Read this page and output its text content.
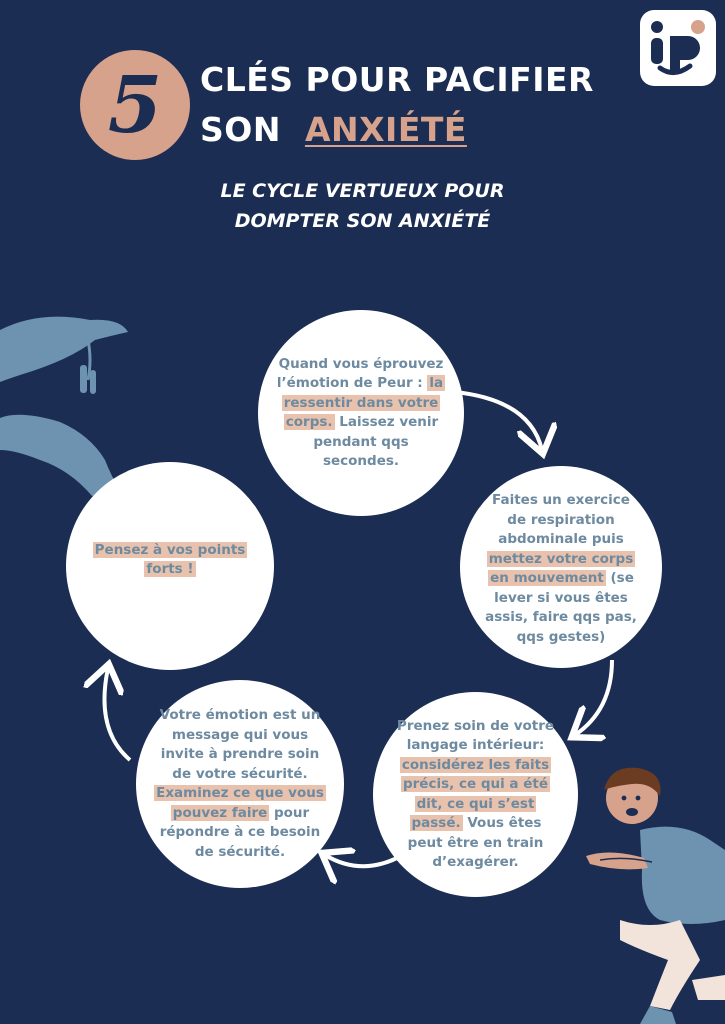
5 CLÉS POUR PACIFIER
SON ANXIÉTÉ
LE CYCLE VERTUEUX POUR
DOMPTER SON ANXIÉTÉ
Quand vous éprouvez l’émotion de Peur : la ressentir dans votre corps. Laissez venir pendant qqs secondes.
Faites un exercice de respiration abdominale puis mettez votre corps en mouvement (se lever si vous êtes assis, faire qqs pas, qqs gestes)
Prenez soin de votre langage intérieur: considérez les faits précis, ce qui a été dit, ce qui s’est passé. Vous êtes peut être en train d’exagérer.
Votre émotion est un message qui vous invite à prendre soin de votre sécurité. Examinez ce que vous pouvez faire pour répondre à ce besoin de sécurité.
Pensez à vos points forts !
